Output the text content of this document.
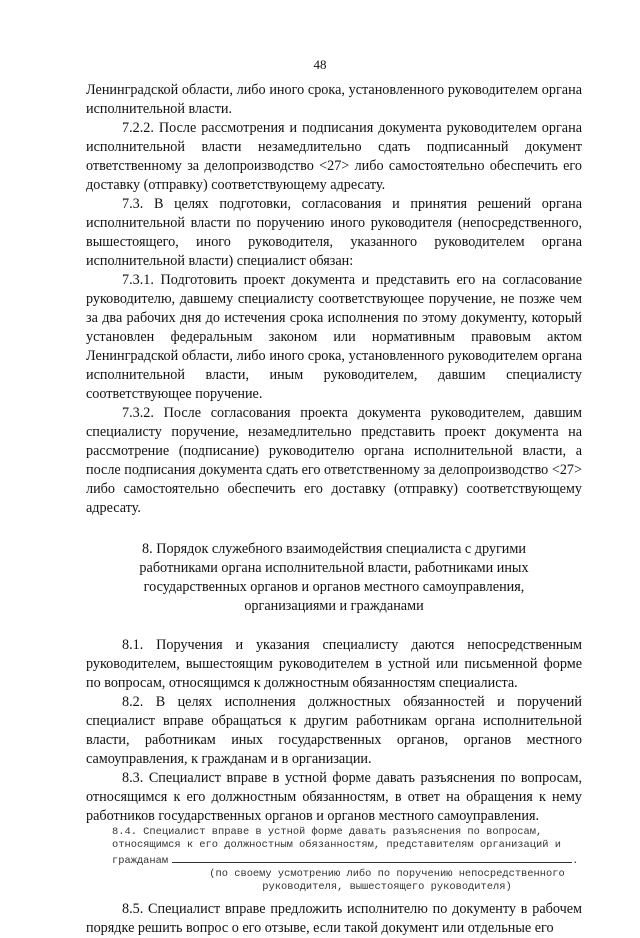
48

Ленинградской области, либо иного срока, установленного руководителем органа исполнительной власти.

7.2.2. После рассмотрения и подписания документа руководителем органа исполнительной власти незамедлительно сдать подписанный документ ответственному за делопроизводство <27> либо самостоятельно обеспечить его доставку (отправку) соответствующему адресату.

7.3. В целях подготовки, согласования и принятия решений органа исполнительной власти по поручению иного руководителя (непосредственного, вышестоящего, иного руководителя, указанного руководителем органа исполнительной власти) специалист обязан:

7.3.1. Подготовить проект документа и представить его на согласование руководителю, давшему специалисту соответствующее поручение, не позже чем за два рабочих дня до истечения срока исполнения по этому документу, который установлен федеральным законом или нормативным правовым актом Ленинградской области, либо иного срока, установленного руководителем органа исполнительной власти, иным руководителем, давшим специалисту соответствующее поручение.

7.3.2. После согласования проекта документа руководителем, давшим специалисту поручение, незамедлительно представить проект документа на рассмотрение (подписание) руководителю органа исполнительной власти, а после подписания документа сдать его ответственному за делопроизводство <27> либо самостоятельно обеспечить его доставку (отправку) соответствующему адресату.

8. Порядок служебного взаимодействия специалиста с другими работниками органа исполнительной власти, работниками иных государственных органов и органов местного самоуправления, организациями и гражданами

8.1. Поручения и указания специалисту даются непосредственным руководителем, вышестоящим руководителем в устной или письменной форме по вопросам, относящимся к должностным обязанностям специалиста.

8.2. В целях исполнения должностных обязанностей и поручений специалист вправе обращаться к другим работникам органа исполнительной власти, работникам иных государственных органов, органов местного самоуправления, к гражданам и в организации.

8.3. Специалист вправе в устной форме давать разъяснения по вопросам, относящимся к его должностным обязанностям, в ответ на обращения к нему работников государственных органов и органов местного самоуправления.

8.4. Специалист вправе в устной форме давать разъяснения по вопросам,
относящимся к его должностным обязанностям, представителям организаций и
гражданам	.
(по своему усмотрению либо по поручению непосредственного
руководителя, вышестоящего руководителя)

8.5. Специалист вправе предложить исполнителю по документу в рабочем порядке решить вопрос о его отзыве, если такой документ или отдельные его
